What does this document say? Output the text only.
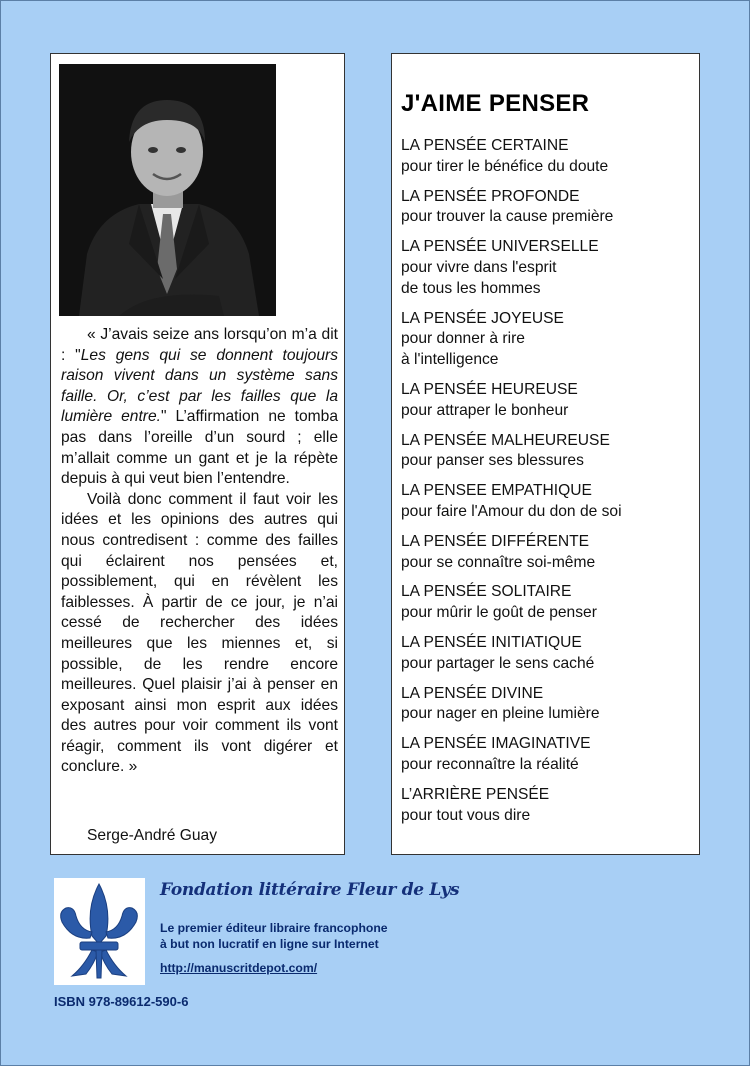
« J’avais seize ans lorsqu’on m’a dit : "Les gens qui se donnent toujours raison vivent dans un système sans faille. Or, c’est par les failles que la lumière entre." L’affirmation ne tomba pas dans l’oreille d’un sourd ; elle m’allait comme un gant et je la répète depuis à qui veut bien l’entendre.

Voilà donc comment il faut voir les idées et les opinions des autres qui nous contredisent : comme des failles qui éclairent nos pensées et, possiblement, qui en révèlent les faiblesses. À partir de ce jour, je n’ai cessé de rechercher des idées meilleures que les miennes et, si possible, de les rendre encore meilleures. Quel plaisir j’ai à penser en exposant ainsi mon esprit aux idées des autres pour voir comment ils vont réagir, comment ils vont digérer et conclure. »

Serge-André Guay
J'AIME PENSER
LA PENSÉE CERTAINE
pour tirer le bénéfice du doute
LA PENSÉE PROFONDE
pour trouver la cause première
LA PENSÉE UNIVERSELLE
pour vivre dans l'esprit
de tous les hommes
LA PENSÉE JOYEUSE
pour donner à rire
à l'intelligence
LA PENSÉE HEUREUSE
pour attraper le bonheur
LA PENSÉE MALHEUREUSE
pour panser ses blessures
LA PENSEE EMPATHIQUE
pour faire l'Amour du don de soi
LA PENSÉE DIFFÉRENTE
pour se connaître soi-même
LA PENSÉE SOLITAIRE
pour mûrir le goût de penser
LA PENSÉE INITIATIQUE
pour partager le sens caché
LA PENSÉE DIVINE
pour nager en pleine lumière
LA PENSÉE IMAGINATIVE
pour reconnaître la réalité
L’ARRIÈRE PENSÉE
pour tout vous dire
Fondation littéraire Fleur de Lys
Le premier éditeur libraire francophone
à but non lucratif en ligne sur Internet
http://manuscritdepot.com/
ISBN 978-89612-590-6
